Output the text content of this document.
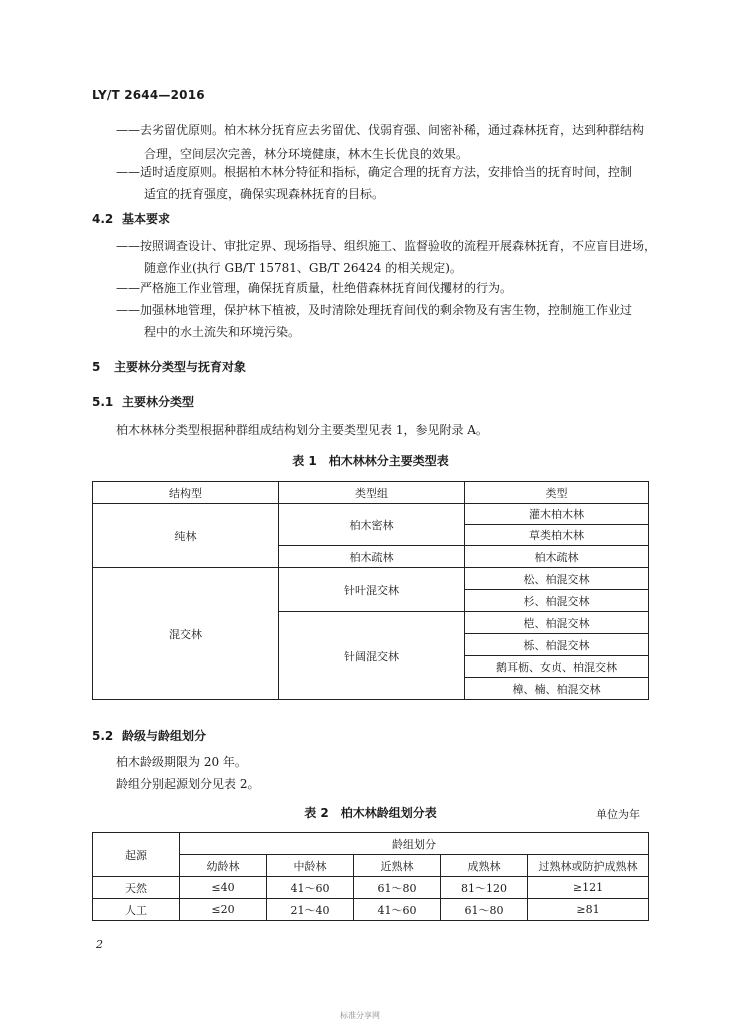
LY/T 2644—2016
——去劣留优原则。柏木林分抚育应去劣留优、伐弱育强、间密补稀，通过森林抚育，达到种群结构
合理，空间层次完善，林分环境健康，林木生长优良的效果。
——适时适度原则。根据柏木林分特征和指标，确定合理的抚育方法，安排恰当的抚育时间，控制
适宜的抚育强度，确保实现森林抚育的目标。
4.2 基本要求
——按照调查设计、审批定界、现场指导、组织施工、监督验收的流程开展森林抚育，不应盲目进场，
随意作业(执行 GB/T 15781、GB/T 26424 的相关规定)。
——严格施工作业管理，确保抚育质量，杜绝借森林抚育间伐攫材的行为。
——加强林地管理，保护林下植被，及时清除处理抚育间伐的剩余物及有害生物，控制施工作业过
程中的水土流失和环境污染。
5 主要林分类型与抚育对象
5.1 主要林分类型
柏木林林分类型根据种群组成结构划分主要类型见表 1，参见附录 A。
表 1　柏木林林分主要类型表
结构型	类型组	类型
纯林	柏木密林	灌木柏木林
		草类柏木林
	柏木疏林	柏木疏林
混交林	针叶混交林	松、柏混交林
		杉、柏混交林
	针阔混交林	桤、柏混交林
		栎、柏混交林
		鹅耳枥、女贞、柏混交林
		樟、楠、柏混交林
5.2 龄级与龄组划分
柏木龄级期限为 20 年。
龄组分别起源划分见表 2。
表 2　柏木林龄组划分表	单位为年
起源	龄组划分				
	幼龄林	中龄林	近熟林	成熟林	过熟林或防护成熟林
天然	≤40	41～60	61～80	81～120	≥121
人工	≤20	21～40	41～60	61～80	≥81
2
标准分享网
